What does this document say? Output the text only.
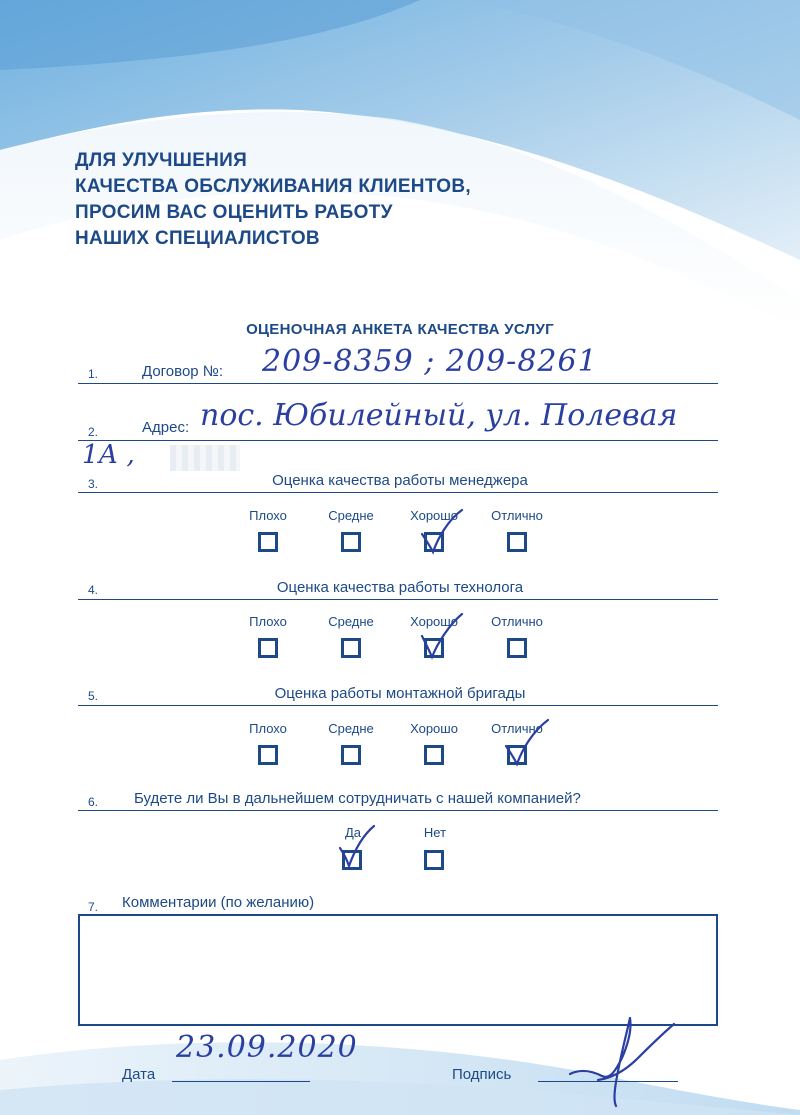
ДЛЯ УЛУЧШЕНИЯ
КАЧЕСТВА ОБСЛУЖИВАНИЯ КЛИЕНТОВ,
ПРОСИМ ВАС ОЦЕНИТЬ РАБОТУ
НАШИХ СПЕЦИАЛИСТОВ
ОЦЕНОЧНАЯ АНКЕТА КАЧЕСТВА УСЛУГ
1.	Договор №: 209-8359 ; 209-8261
2.	Адрес: пос. Юбилейный, ул. Полевая
1А ,
3.	Оценка качества работы менеджера
Плохо	Средне	Хорошо	Отлично
4.	Оценка качества работы технолога
Плохо	Средне	Хорошо	Отлично
5.	Оценка работы монтажной бригады
Плохо	Средне	Хорошо	Отлично
6. Будете ли Вы в дальнейшем сотрудничать с нашей компанией?
Да	Нет
7. Комментарии (по желанию)
Дата
23.09.2020
Подпись
